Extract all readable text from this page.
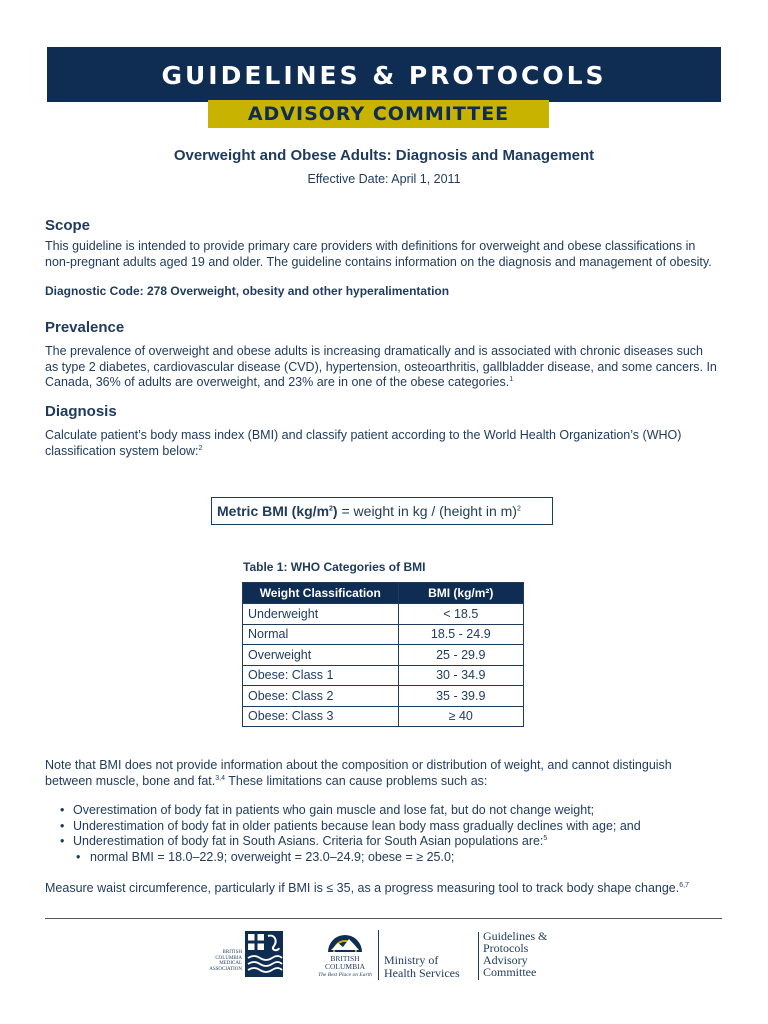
GUIDELINES & PROTOCOLS
ADVISORY COMMITTEE
Overweight and Obese Adults: Diagnosis and Management
Effective Date: April 1, 2011
Scope
This guideline is intended to provide primary care providers with definitions for overweight and obese classifications in
non-pregnant adults aged 19 and older. The guideline contains information on the diagnosis and management of obesity.
Diagnostic Code: 278 Overweight, obesity and other hyperalimentation
Prevalence
The prevalence of overweight and obese adults is increasing dramatically and is associated with chronic diseases such
as type 2 diabetes, cardiovascular disease (CVD), hypertension, osteoarthritis, gallbladder disease, and some cancers. In
Canada, 36% of adults are overweight, and 23% are in one of the obese categories.$^1$
Diagnosis
Calculate patient’s body mass index (BMI) and classify patient according to the World Health Organization’s (WHO)
classification system below:$^2$
Metric BMI $(kg/m^2)$ = weight in kg / (height in m)$^2$
Table 1: WHO Categories of BMI
Weight Classification	BMI (kg/m²)
Underweight	< 18.5
Normal	18.5 - 24.9
Overweight	25 - 29.9
Obese: Class 1	30 - 34.9
Obese: Class 2	35 - 39.9
Obese: Class 3	≥ 40
Note that BMI does not provide information about the composition or distribution of weight, and cannot distinguish
between muscle, bone and fat.$^{3,4}$ These limitations can cause problems such as:
• Overestimation of body fat in patients who gain muscle and lose fat, but do not change weight;
• Underestimation of body fat in older patients because lean body mass gradually declines with age; and
• Underestimation of body fat in South Asians. Criteria for South Asian populations are:$^5$
• normal BMI = 18.0–22.9; overweight = 23.0–24.9; obese = ≥ 25.0;
Measure waist circumference, particularly if BMI is ≤ 35, as a progress measuring tool to track body shape change.$^{6,7}$
BRITISH
COLUMBIA
MEDICAL
ASSOCIATION
BRITISH
COLUMBIA
The Best Place on Earth
Ministry of
Health Services
Guidelines &
Protocols
Advisory
Committee
